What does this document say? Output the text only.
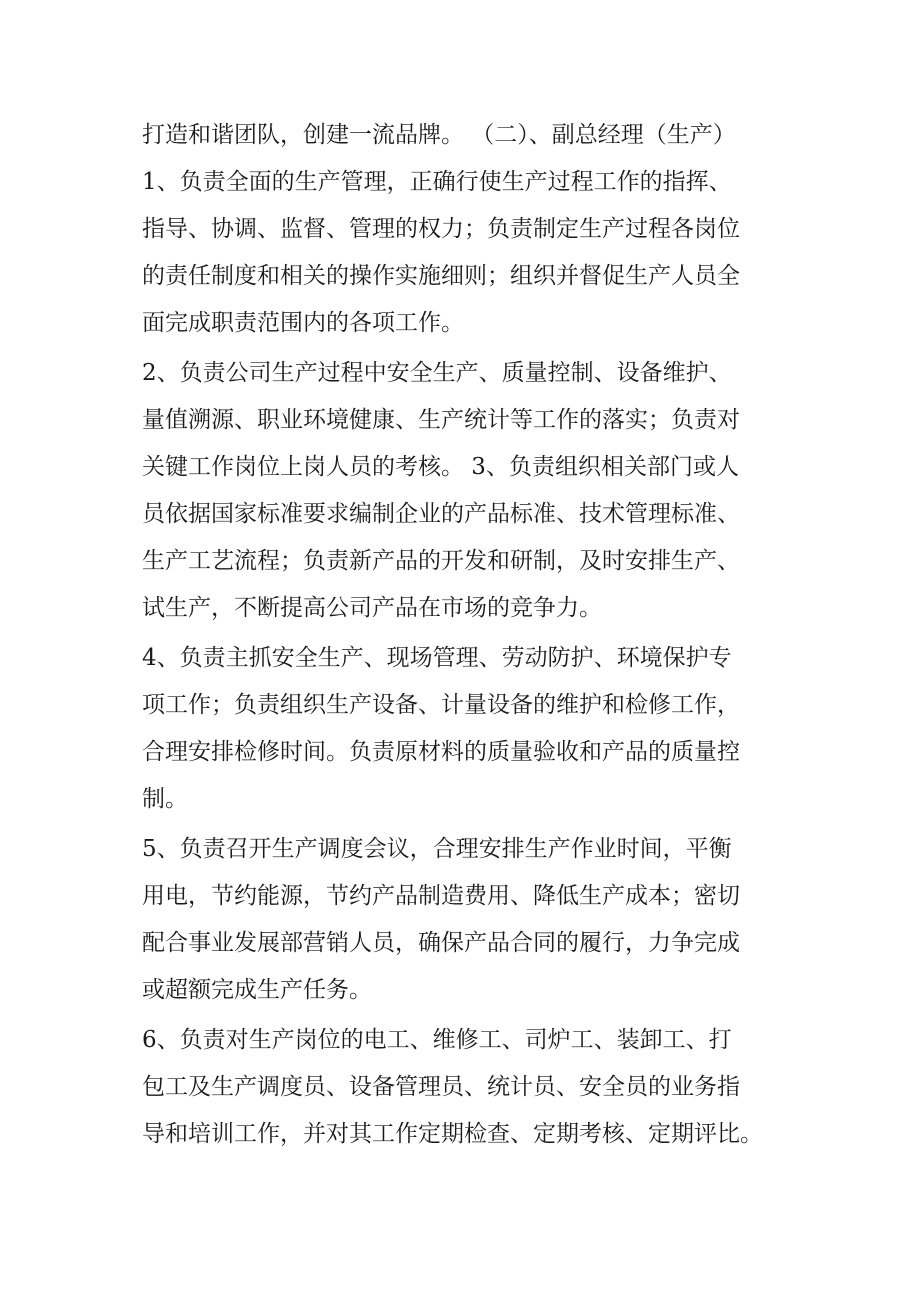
打造和谐团队，创建一流品牌。 （二）、副总经理（生产）
1、负责全面的生产管理，正确行使生产过程工作的指挥、
指导、协调、监督、管理的权力；负责制定生产过程各岗位
的责任制度和相关的操作实施细则；组织并督促生产人员全
面完成职责范围内的各项工作。
2、负责公司生产过程中安全生产、质量控制、设备维护、
量值溯源、职业环境健康、生产统计等工作的落实；负责对
关键工作岗位上岗人员的考核。 3、负责组织相关部门或人
员依据国家标准要求编制企业的产品标准、技术管理标准、
生产工艺流程；负责新产品的开发和研制，及时安排生产、
试生产，不断提高公司产品在市场的竞争力。
4、负责主抓安全生产、现场管理、劳动防护、环境保护专
项工作；负责组织生产设备、计量设备的维护和检修工作，
合理安排检修时间。负责原材料的质量验收和产品的质量控
制。
5、负责召开生产调度会议，合理安排生产作业时间，平衡
用电，节约能源，节约产品制造费用、降低生产成本；密切
配合事业发展部营销人员，确保产品合同的履行，力争完成
或超额完成生产任务。
6、负责对生产岗位的电工、维修工、司炉工、装卸工、打
包工及生产调度员、设备管理员、统计员、安全员的业务指
导和培训工作，并对其工作定期检查、定期考核、定期评比。
